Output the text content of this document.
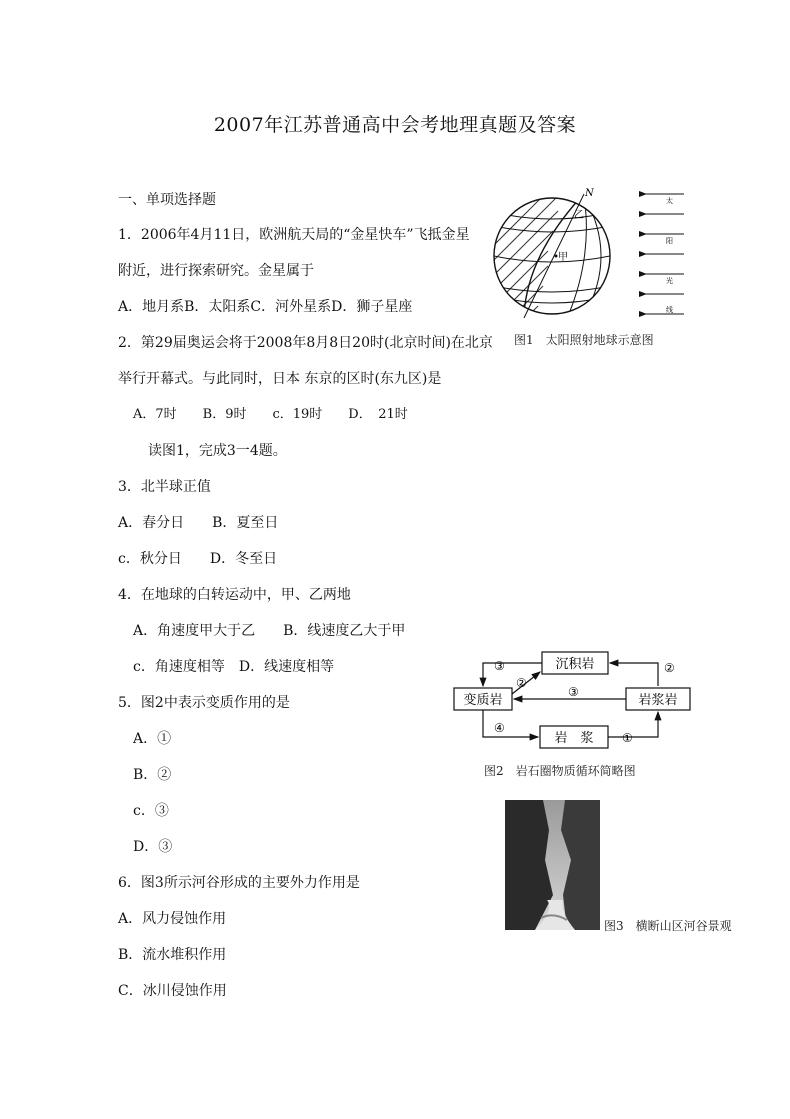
2007年江苏普通高中会考地理真题及答案
一、单项选择题
1．2006年4月11日，欧洲航天局的“金星快车”飞抵金星
附近，进行探索研究。金星属于
A．地月系B．太阳系C．河外星系D．狮子星座
2．第29届奥运会将于2008年8月8日20时(北京时间)在北京
举行开幕式。与此同时，日本 东京的区时(东九区)是
A．7时　　B．9时　　c．19时　　D．　21时
读图1，完成3一4题。
3．北半球正值
A．春分日　　B．夏至日
c．秋分日　　D．冬至日
4．在地球的白转运动中，甲、乙两地
A．角速度甲大于乙　　B．线速度乙大于甲
c．角速度相等　D．线速度相等
5．图2中表示变质作用的是
A．①
B．②
c．③
D．③
6．图3所示河谷形成的主要外力作用是
A．风力侵蚀作用
B．流水堆积作用
C．冰川侵蚀作用
N
乙
甲
太
阳
光
线
图1　太阳照射地球示意图
沉积岩
变质岩	岩浆岩
岩　浆
③
②
②
③
④
①
图2　岩石圈物质循环简略图
图3　横断山区河谷景观
